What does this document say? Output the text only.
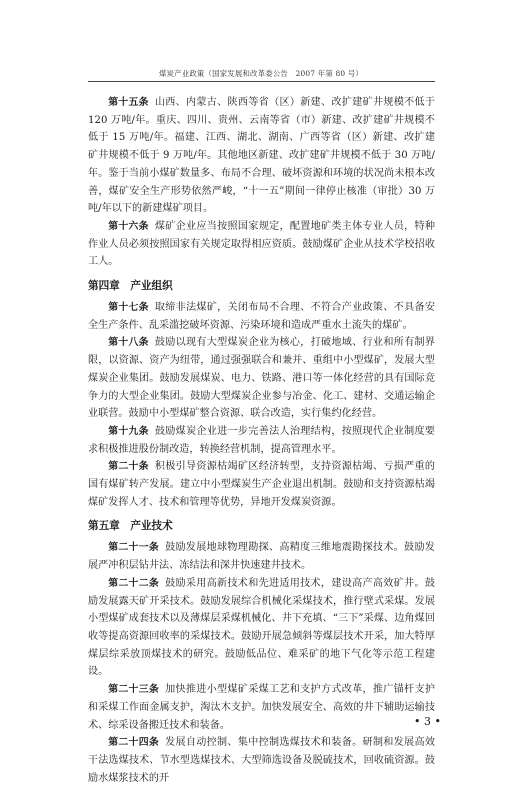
煤炭产业政策（国家发展和改革委公告　2007 年第 80 号）

第十五条 山西、内蒙古、陕西等省（区）新建、改扩建矿井规模不低于 120 万吨/年。重庆、四川、贵州、云南等省（市）新建、改扩建矿井规模不低于 15 万吨/年。福建、江西、湖北、湖南、广西等省（区）新建、改扩建矿井规模不低于 9 万吨/年。其他地区新建、改扩建矿井规模不低于 30 万吨/年。鉴于当前小煤矿数量多、布局不合理、破坏资源和环境的状况尚未根本改善，煤矿安全生产形势依然严峻，“十一五”期间一律停止核准（审批）30 万吨/年以下的新建煤矿项目。

第十六条 煤矿企业应当按照国家规定，配置地矿类主体专业人员，特种作业人员必须按照国家有关规定取得相应资质。鼓励煤矿企业从技术学校招收工人。

第四章　产业组织

第十七条 取缔非法煤矿，关闭布局不合理、不符合产业政策、不具备安全生产条件、乱采滥挖破坏资源、污染环境和造成严重水土流失的煤矿。

第十八条 鼓励以现有大型煤炭企业为核心，打破地域、行业和所有制界限，以资源、资产为纽带，通过强强联合和兼并、重组中小型煤矿，发展大型煤炭企业集团。鼓励发展煤炭、电力、铁路、港口等一体化经营的具有国际竞争力的大型企业集团。鼓励大型煤炭企业参与冶金、化工、建材、交通运输企业联营。鼓励中小型煤矿整合资源、联合改造，实行集约化经营。

第十九条 鼓励煤炭企业进一步完善法人治理结构，按照现代企业制度要求积极推进股份制改造，转换经营机制，提高管理水平。

第二十条 积极引导资源枯竭矿区经济转型，支持资源枯竭、亏损严重的国有煤矿转产发展。建立中小型煤炭生产企业退出机制。鼓励和支持资源枯竭煤矿发挥人才、技术和管理等优势，异地开发煤炭资源。

第五章　产业技术

第二十一条 鼓励发展地球物理勘探、高精度三维地震勘探技术。鼓励发展严冲积层钻井法、冻结法和深井快速建井技术。

第二十二条 鼓励采用高新技术和先进适用技术，建设高产高效矿井。鼓励发展露天矿开采技术。鼓励发展综合机械化采煤技术，推行壁式采煤。发展小型煤矿成套技术以及薄煤层采煤机械化、井下充填、“三下”采煤、边角煤回收等提高资源回收率的采煤技术。鼓励开展急倾斜等煤层技术开采，加大特厚煤层综采放顶煤技术的研究。鼓励低品位、难采矿的地下气化等示范工程建设。

第二十三条 加快推进小型煤矿采煤工艺和支护方式改革，推广锚杆支护和采煤工作面金属支护，淘汰木支护。加快发展安全、高效的井下辅助运输技术、综采设备搬迁技术和装备。

第二十四条 发展自动控制、集中控制选煤技术和装备。研制和发展高效干法选煤技术、节水型选煤技术、大型筛选设备及脱硫技术，回收硫资源。鼓励水煤浆技术的开

• 3 •
